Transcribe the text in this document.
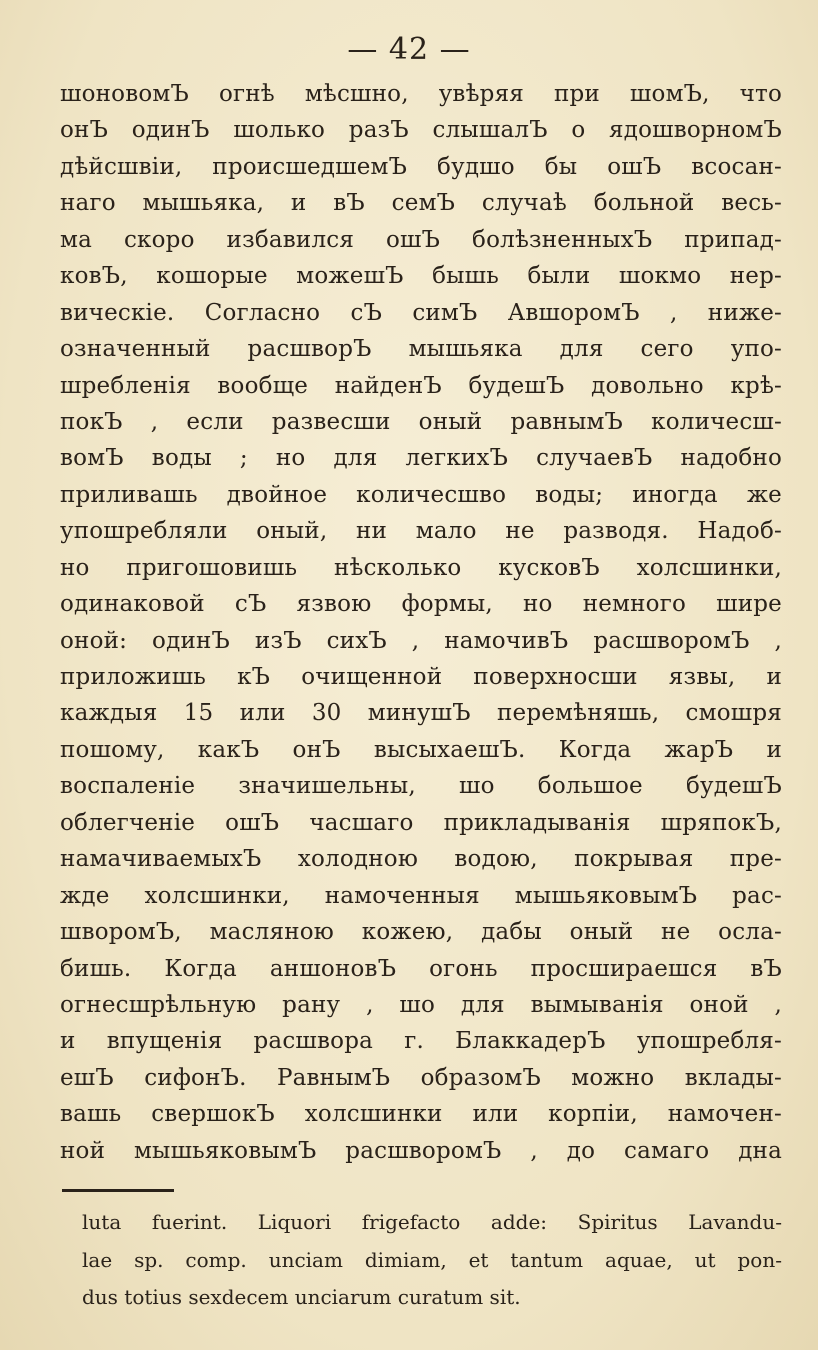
— 42 —
шоновомЪ огнѣ мѣсшно, увѣряя при шомЪ, что
онЪ одинЪ шолько разЪ слышалЪ о ядошворномЪ
дѣйсшвіи, происшедшемЪ будшо бы ошЪ всосан-
наго мышьяка, и вЪ семЪ случаѣ больной весь-
ма скоро избавился ошЪ болѣзненныхЪ припад-
ковЪ, кошорые можешЪ бышь были шокмо нер-
вическіе. Согласно сЪ симЪ АвшоромЪ , ниже-
означенный расшворЪ мышьяка для сего упо-
шребленія вообще найденЪ будешЪ довольно крѣ-
покЪ , если развесши оный равнымЪ количесш-
вомЪ воды ; но для легкихЪ случаевЪ надобно
приливашь двойное количесшво воды; иногда же
упошребляли оный, ни мало не разводя. Надоб-
но пригошовишь нѣсколько кусковЪ холсшинки,
одинаковой сЪ язвою формы, но немного шире
оной: одинЪ изЪ сихЪ , намочивЪ расшворомЪ ,
приложишь кЪ очищенной поверхносши язвы, и
каждыя 15 или 30 минушЪ перемѣняшь, смошря
пошому, какЪ онЪ высыхаешЪ. Когда жарЪ и
воспаленіе значишельны, шо большое будешЪ
облегченіе ошЪ часшаго прикладыванія шряпокЪ,
намачиваемыхЪ холодною водою, покрывая пре-
жде холсшинки, намоченныя мышьяковымЪ рас-
шворомЪ, масляною кожею, дабы оный не осла-
бишь. Когда аншоновЪ огонь просшираешся вЪ
огнесшрѣльную рану , шо для вымыванія оной ,
и впущенія расшвора г. БлаккадерЪ упошребля-
ешЪ сифонЪ. РавнымЪ образомЪ можно вклады-
вашь свершокЪ холсшинки или корпіи, намочен-
ной мышьяковымЪ расшворомЪ , до самаго дна
luta fuerint. Liquori frigefacto adde: Spiritus Lavandu-
lae sp. comp. unciam dimiam, et tantum aquae, ut pon-
dus totius sexdecem unciarum curatum sit.
